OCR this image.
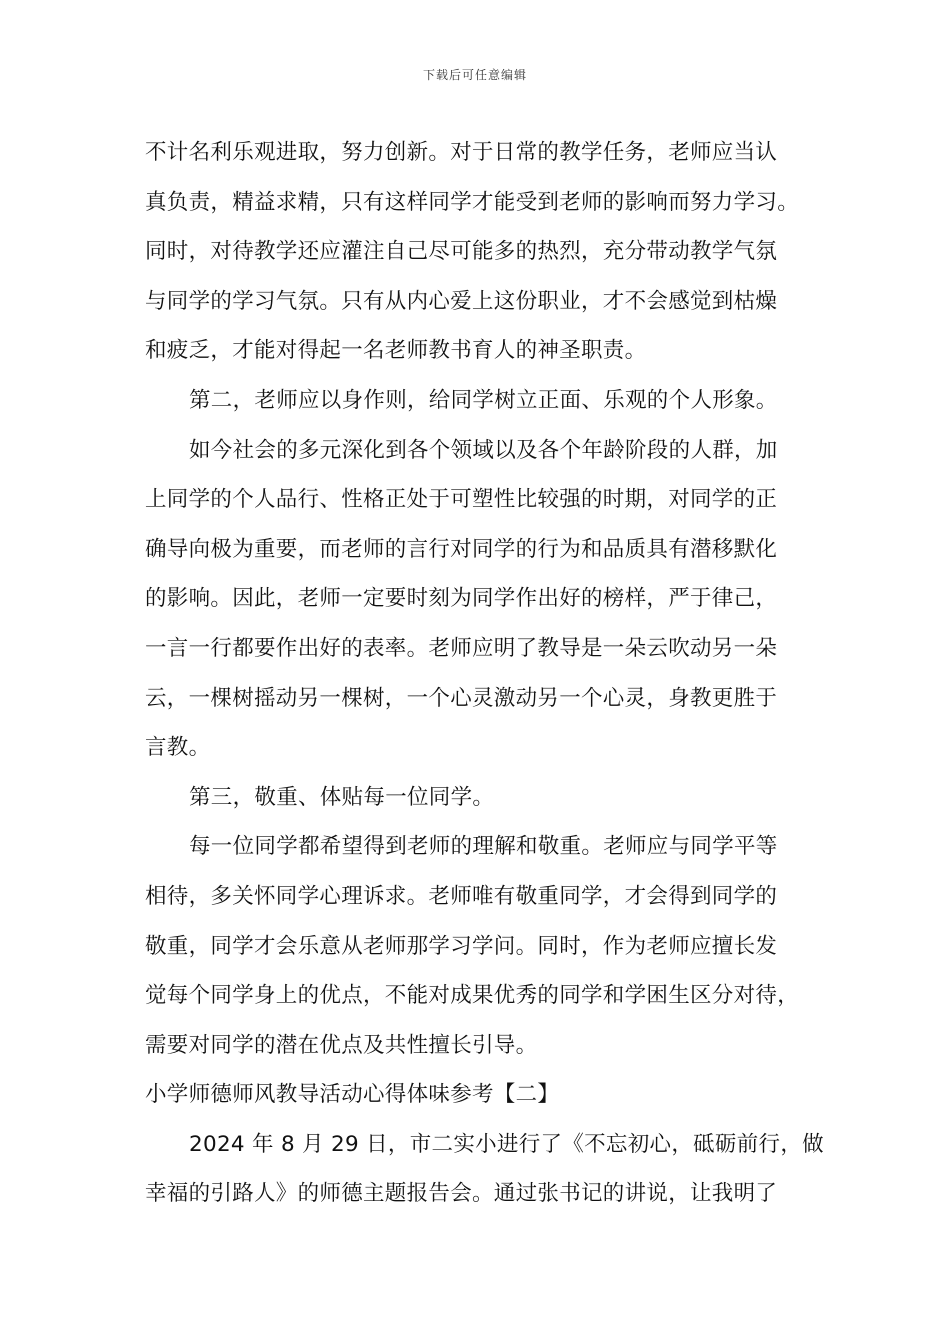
下载后可任意编辑
不计名利乐观进取，努力创新。对于日常的教学任务，老师应当认
真负责，精益求精，只有这样同学才能受到老师的影响而努力学习。
同时，对待教学还应灌注自己尽可能多的热烈，充分带动教学气氛
与同学的学习气氛。只有从内心爱上这份职业，才不会感觉到枯燥
和疲乏，才能对得起一名老师教书育人的神圣职责。
第二，老师应以身作则，给同学树立正面、乐观的个人形象。
如今社会的多元深化到各个领域以及各个年龄阶段的人群，加
上同学的个人品行、性格正处于可塑性比较强的时期，对同学的正
确导向极为重要，而老师的言行对同学的行为和品质具有潜移默化
的影响。因此，老师一定要时刻为同学作出好的榜样，严于律己，
一言一行都要作出好的表率。老师应明了教导是一朵云吹动另一朵
云，一棵树摇动另一棵树，一个心灵激动另一个心灵，身教更胜于
言教。
第三，敬重、体贴每一位同学。
每一位同学都希望得到老师的理解和敬重。老师应与同学平等
相待，多关怀同学心理诉求。老师唯有敬重同学，才会得到同学的
敬重，同学才会乐意从老师那学习学问。同时，作为老师应擅长发
觉每个同学身上的优点，不能对成果优秀的同学和学困生区分对待，
需要对同学的潜在优点及共性擅长引导。
小学师德师风教导活动心得体味参考【二】
2024 年 8 月 29 日，市二实小进行了《不忘初心，砥砺前行，做
幸福的引路人》的师德主题报告会。通过张书记的讲说，让我明了
